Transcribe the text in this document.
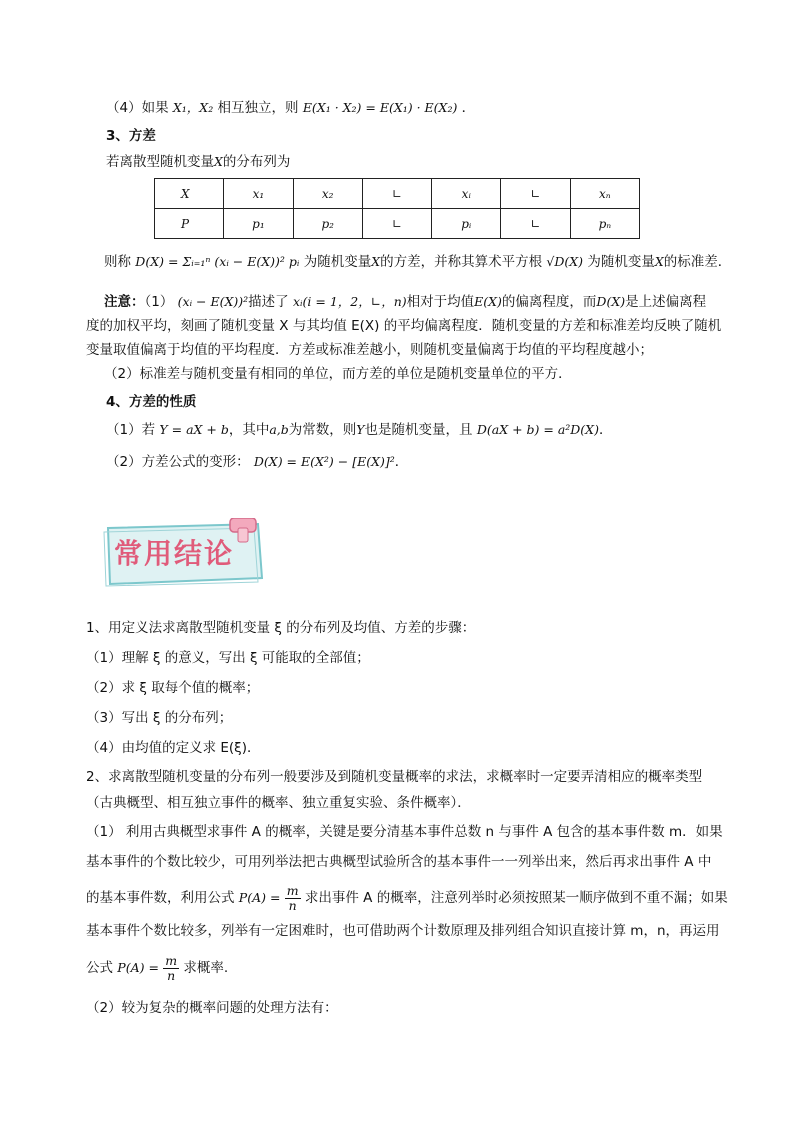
（4）如果 X₁，X₂ 相互独立，则 E(X₁ · X₂) = E(X₁) · E(X₂) ．
3、方差
若离散型随机变量X的分布列为
X	x₁	x₂	∟	xᵢ	∟	xₙ
P	p₁	p₂	∟	pᵢ	∟	pₙ
则称 D(X) = Σᵢ₌₁ⁿ (xᵢ − E(X))² pᵢ 为随机变量X的方差，并称其算术平方根 √D(X) 为随机变量X的标准差．
注意：（1） (xᵢ − E(X))²描述了 xᵢ(i = 1，2，∟，n)相对于均值E(X)的偏离程度，而D(X)是上述偏离程
度的加权平均，刻画了随机变量 X 与其均值 E(X) 的平均偏离程度．随机变量的方差和标准差均反映了随机
变量取值偏离于均值的平均程度．方差或标准差越小，则随机变量偏离于均值的平均程度越小；
（2）标准差与随机变量有相同的单位，而方差的单位是随机变量单位的平方．
4、方差的性质
（1）若 Y = aX + b，其中a,b为常数，则Y也是随机变量，且 D(aX + b) = a²D(X)．
（2）方差公式的变形： D(X) = E(X²) − [E(X)]²．
常用结论
1、用定义法求离散型随机变量 ξ 的分布列及均值、方差的步骤：
（1）理解 ξ 的意义，写出 ξ 可能取的全部值；
（2）求 ξ 取每个值的概率；
（3）写出 ξ 的分布列；
（4）由均值的定义求 E(ξ)．
2、求离散型随机变量的分布列一般要涉及到随机变量概率的求法，求概率时一定要弄清相应的概率类型
（古典概型、相互独立事件的概率、独立重复实验、条件概率）．
（1） 利用古典概型求事件 A 的概率，关键是要分清基本事件总数 n 与事件 A 包含的基本事件数 m．如果
基本事件的个数比较少，可用列举法把古典概型试验所含的基本事件一一列举出来，然后再求出事件 A 中
的基本事件数，利用公式 $P(A) = \frac{m}{n}$ 求出事件 A 的概率，注意列举时必须按照某一顺序做到不重不漏；如果
基本事件个数比较多，列举有一定困难时，也可借助两个计数原理及排列组合知识直接计算 m，n，再运用
公式 $P(A) = \frac{m}{n}$ 求概率.
（2）较为复杂的概率问题的处理方法有：
